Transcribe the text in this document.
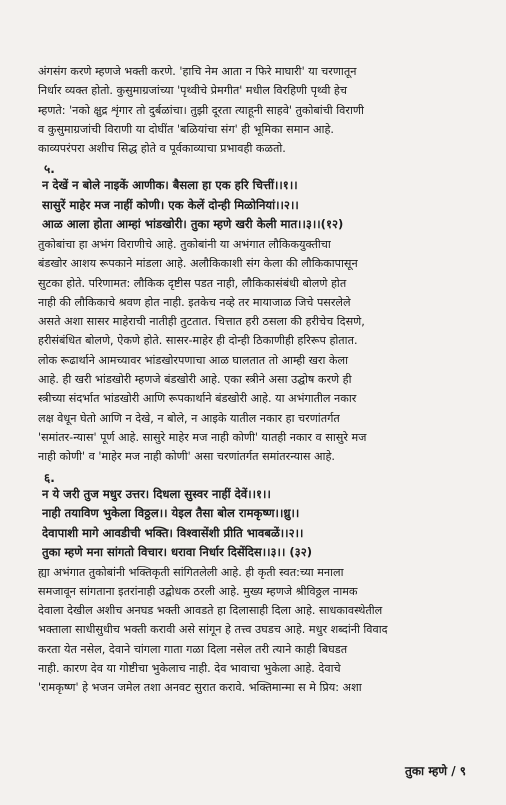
अंगसंग करणे म्हणजे भक्ती करणे. 'हाचि नेम आता न फिरे माघारी' या चरणातून

निर्धार व्यक्त होतो. कुसुमाग्रजांच्या 'पृथ्वीचे प्रेमगीत' मधील विरहिणी पृथ्वी हेच

म्हणते: 'नको क्षुद्र शृंगार तो दुर्बळांचा। तुझी दूरता त्याहूनी साहवे' तुकोबांची विराणी

व कुसुमाग्रजांची विराणी या दोघींत 'बळियांचा संग' ही भूमिका समान आहे.

काव्यपरंपरा अशीच सिद्ध होते व पूर्वकाव्याचा प्रभावही कळतो.

५.

न देखें न बोले नाइकें आणीक। बैसला हा एक हरि चित्तीं।।१।।

सासुरें माहेर मज नाहीं कोणी। एक केलें दोन्ही मिळोनियां।।२।।

आळ आला होता आम्हां भांडखोरी। तुका म्हणे खरी केली मात।।३।।(१२)

तुकोबांचा हा अभंग विराणीचे आहे. तुकोबांनी या अभंगात लौकिकयुक्तीचा

बंडखोर आशय रूपकाने मांडला आहे. अलौकिकाशी संग केला की लौकिकापासून

सुटका होते. परिणामत: लौकिक दृष्टीस पडत नाही, लौकिकासंबंधी बोलणे होत

नाही की लौकिकाचे श्रवण होत नाही. इतकेच नव्हे तर मायाजाळ जिचे पसरलेले

असते अशा सासर माहेराची नातीही तुटतात. चित्तात हरी ठसला की हरीचेच दिसणे,

हरीसंबंधित बोलणे, ऐकणे होते. सासर-माहेर ही दोन्ही ठिकाणीही हरिरूप होतात.

लोक रूढार्थाने आमच्यावर भांडखोरपणाचा आळ घालतात तो आम्ही खरा केला

आहे. ही खरी भांडखोरी म्हणजे बंडखोरी आहे. एका स्त्रीने असा उद्घोष करणे ही

स्त्रीच्या संदर्भात भांडखोरी आणि रूपकार्थाने बंडखोरी आहे. या अभंगातील नकार

लक्ष वेधून घेतो आणि न देखे, न बोले, न आइके यातील नकार हा चरणांतर्गत

'समांतर-न्यास' पूर्ण आहे. सासुरे माहेर मज नाही कोणी' यातही नकार व सासुरे मज

नाही कोणी' व 'माहेर मज नाही कोणी' असा चरणांतर्गत समांतरन्यास आहे.

६.

न ये जरी तुज मधुर उत्तर। दिधला सुस्वर नाहीं देवें।।१।।

नाही तयाविण भुकेला विठ्ठल।। येइल तैसा बोल रामकृष्ण।।ध्रु।।

देवापाशी मागे आवडीची भक्ति। विश्वासेंशी प्रीति भावबळें।।२।।

तुका म्हणे मना सांगतो विचार। धरावा निर्धार दिसेंदिस।।३।। (३२)

ह्या अभंगात तुकोबांनी भक्तिकृती सांगितलेली आहे. ही कृती स्वत:च्या मनाला

समजावून सांगताना इतरांनाही उद्बोधक ठरली आहे. मुख्य म्हणजे श्रीविठ्ठल नामक

देवाला देखील अशीच अनघड भक्ती आवडते हा दिलासाही दिला आहे. साधकावस्थेतील

भक्ताला साधीसुधीच भक्ती करावी असे सांगून हे तत्त्व उघडच आहे. मधुर शब्दांनी विवाद

करता येत नसेल, देवाने चांगला गाता गळा दिला नसेल तरी त्याने काही बिघडत

नाही. कारण देव या गोष्टीचा भुकेलाच नाही. देव भावाचा भुकेला आहे. देवाचे

'रामकृष्ण' हे भजन जमेल तशा अनवट सुरात करावे. भक्तिमान्मा स मे प्रिय: अशा

तुका म्हणे / ९
